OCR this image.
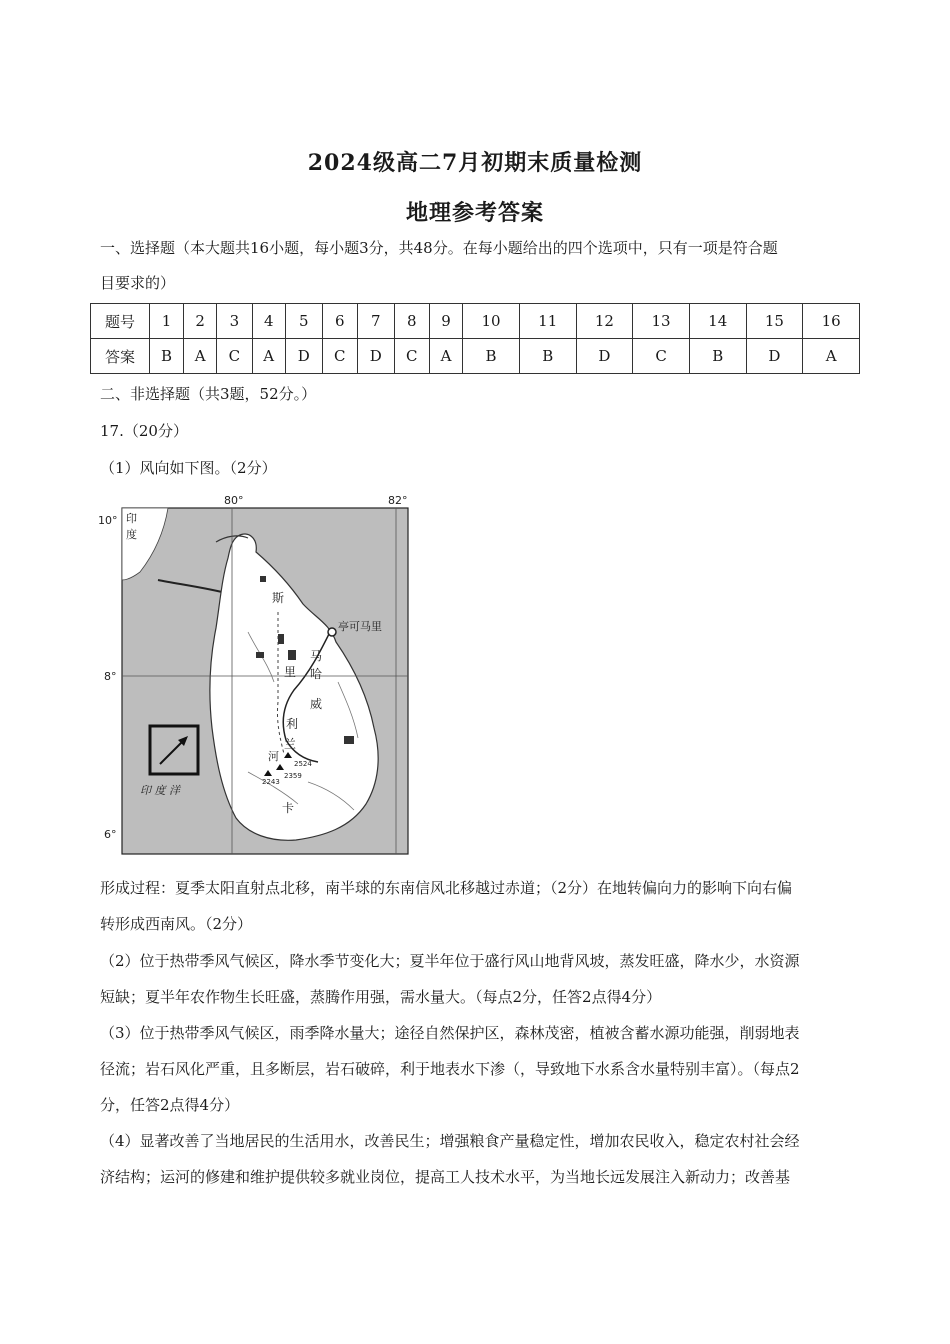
2024级高二7月初期末质量检测
地理参考答案
一、选择题（本大题共16小题，每小题3分，共48分。在每小题给出的四个选项中，只有一项是符合题
目要求的）
题号	1	2	3	4	5	6	7	8	9	10	11	12	13	14	15	16
答案	B	A	C	A	D	C	D	C	A	B	B	D	C	B	D	A
二、非选择题（共3题，52分。）
17.（20分）
（1）风向如下图。（2分）
80°	82°
10°
8°
6°
印
度
亭可马里
斯
里
马
哈
威
利
兰
河
卡
2524
2359
2243
印 度 洋
形成过程：夏季太阳直射点北移，南半球的东南信风北移越过赤道；（2分）在地转偏向力的影响下向右偏
转形成西南风。（2分）
（2）位于热带季风气候区，降水季节变化大；夏半年位于盛行风山地背风坡，蒸发旺盛，降水少，水资源
短缺；夏半年农作物生长旺盛，蒸腾作用强，需水量大。（每点2分，任答2点得4分）
（3）位于热带季风气候区，雨季降水量大；途径自然保护区，森林茂密，植被含蓄水源功能强，削弱地表
径流；岩石风化严重，且多断层，岩石破碎，利于地表水下渗（，导致地下水系含水量特别丰富）。（每点2
分，任答2点得4分）
（4）显著改善了当地居民的生活用水，改善民生；增强粮食产量稳定性，增加农民收入，稳定农村社会经
济结构；运河的修建和维护提供较多就业岗位，提高工人技术水平，为当地长远发展注入新动力；改善基
